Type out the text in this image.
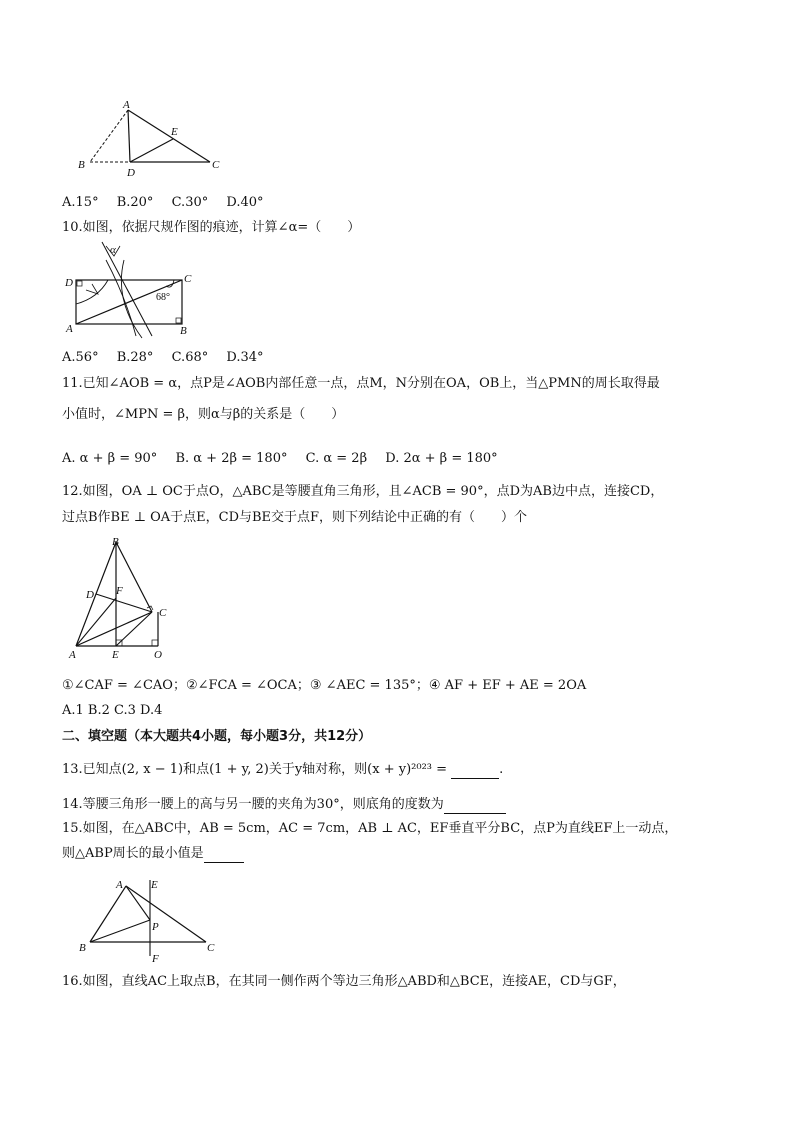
A
B
D
E
C
A.15° B.20° C.30° D.40°
10.如图，依据尺规作图的痕迹，计算∠α=（　　）
α
D	C
A	B
68°
A.56° B.28° C.68° D.34°
11.已知∠AOB = α，点P是∠AOB内部任意一点，点M，N分别在OA，OB上，当△PMN的周长取得最
小值时，∠MPN = β，则α与β的关系是（　　）
A. α + β = 90° B. α + 2β = 180° C. α = 2β D. 2α + β = 180°
12.如图，OA ⊥ OC于点O，△ABC是等腰直角三角形，且∠ACB = 90°，点D为AB边中点，连接CD，
过点B作BE ⊥ OA于点E，CD与BE交于点F，则下列结论中正确的有（　　）个
B
D F
C
A	E	O
①∠CAF = ∠CAO；②∠FCA = ∠OCA；③ ∠AEC = 135°；④ AF + EF + AE = 2OA
A.1 B.2 C.3 D.4
二、填空题（本大题共4小题，每小题3分，共12分）
13.已知点(2, x − 1)和点(1 + y, 2)关于y轴对称，则(x + y)²⁰²³ =	.
14.等腰三角形一腰上的高与另一腰的夹角为30°，则底角的度数为
15.如图，在△ABC中，AB = 5cm，AC = 7cm，AB ⊥ AC，EF垂直平分BC，点P为直线EF上一动点，
则△ABP周长的最小值是
A	E
P
B
F
C
16.如图，直线AC上取点B，在其同一侧作两个等边三角形△ABD和△BCE，连接AE，CD与GF，
